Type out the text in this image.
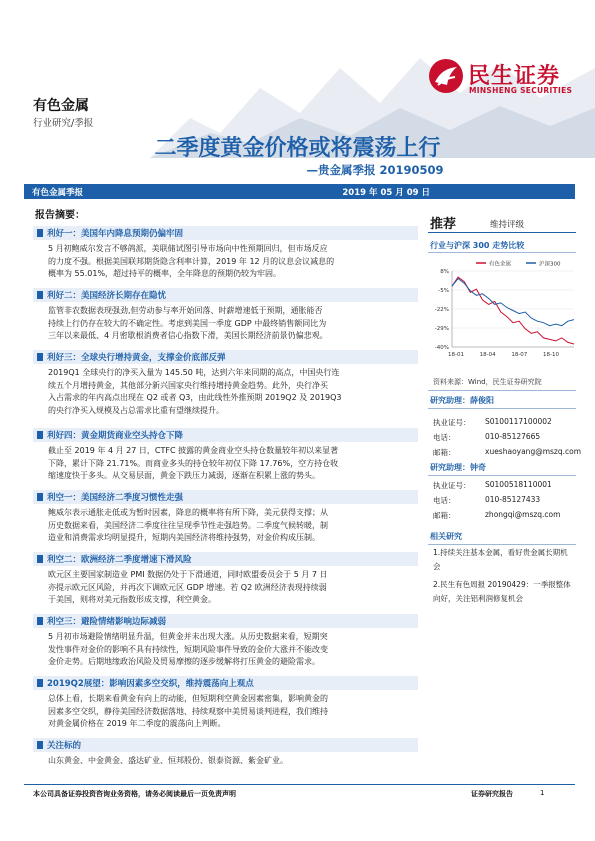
民生证券
MINSHENG SECURITIES
有色金属
行业研究/季报
二季度黄金价格或将震荡上行
—贵金属季报 20190509
有色金属季报	2019 年 05 月 09 日
报告摘要：
利好一：美国年内降息预期仍偏牢固
5 月初鲍威尔发言不够鸽派，美联储试图引导市场向中性预期回归，但市场反应
的力度不强。根据美国联邦期货隐含利率计算，2019 年 12 月的议息会议减息的
概率为 55.01%，超过持平的概率，全年降息的预期仍较为牢固。
利好二：美国经济长期存在隐忧
监管非农数据表现强劲,但劳动参与率开始回落、时薪增速低于预期，通胀能否
持续上行仍存在较大的不确定性。考虑到美国一季度 GDP 中最终销售额同比为
三年以来最低、4 月密歇根消费者信心指数下滑，美国长期经济前景仍偏悲观。
利好三：全球央行增持黄金，支撑金价底部反弹
2019Q1 全球央行的净买入量为 145.50 吨，达到六年来同期的高点，中国央行连
续五个月增持黄金，其他部分新兴国家央行维持增持黄金趋势。此外，央行净买
入占需求的年内高点出现在 Q2 或者 Q3，由此线性外推预期 2019Q2 及 2019Q3
的央行净买入规模及占总需求比重有望继续提升。
利好四：黄金期货商业空头持仓下降
截止至 2019 年 4 月 27 日，CTFC 披露的黄金商业空头持仓数量较年初以来显著
下降，累计下降 21.71%。而商业多头的持仓较年初仅下降 17.76%，空方持仓收
缩速度快于多头。从交易层面，黄金下跌压力减弱，逐渐在积累上涨的势头。
利空一：美国经济二季度习惯性走强
鲍威尔表示通胀走低或为暂时因素，降息的概率将有所下降，美元获得支撑；从
历史数据来看，美国经济二季度往往呈现季节性走强趋势。二季度气候转暖，制
造业和消费需求均明显提升，短期内美国经济将维持强势，对金价构成压制。
利空二：欧洲经济二季度增速下滑风险
欧元区主要国家制造业 PMI 数据仍处于下滑通道，同时欧盟委员会于 5 月 7 日
亦提示欧元区风险，并再次下调欧元区 GDP 增速。若 Q2 欧洲经济表现持续弱
于美国，则将对美元指数形成支撑，利空黄金。
利空三：避险情绪影响边际减弱
5 月初市场避险情绪明显升温，但黄金并未出现大涨。从历史数据来看，短期突
发性事件对金价的影响不具有持续性，短期风险事件导致的金价大涨并不能改变
金价走势。后期地缘政治风险及贸易摩擦的逐步缓解将打压黄金的避险需求。
2019Q2展望：影响因素多空交织，维持震荡向上观点
总体上看，长期来看黄金有向上的动能，但短期利空黄金因素密集，影响黄金的
因素多空交织，静待美国经济数据落地、持续观察中美贸易谈判进程，我们维持
对黄金属价格在 2019 年二季度的震荡向上判断。
关注标的
山东黄金、中金黄金、盛达矿业、恒邦股份、银泰资源、紫金矿业。
推荐	维持评级
行业与沪深 300 走势比较
有色金属	沪深300
8%
-5%
-22%
-29%
-40%
18-01	18-04	18-07	18-10
资料来源：Wind，民生证券研究院
研究助理：薛俊阳
执业证号： S0100117100002
电话：	010-85127665
邮箱：	xueshaoyang@mszq.com
研究助理：钟奇
执业证号： S0100518110001
电话：	010-85127433
邮箱：	zhongqi@mszq.com
相关研究
1.持续关注基本金属，看好贵金属长期机会
2.民生有色周报 20190429：一季报整体向好，关注铝利润修复机会
本公司具备证券投资咨询业务资格，请务必阅读最后一页免责声明	证券研究报告	1
